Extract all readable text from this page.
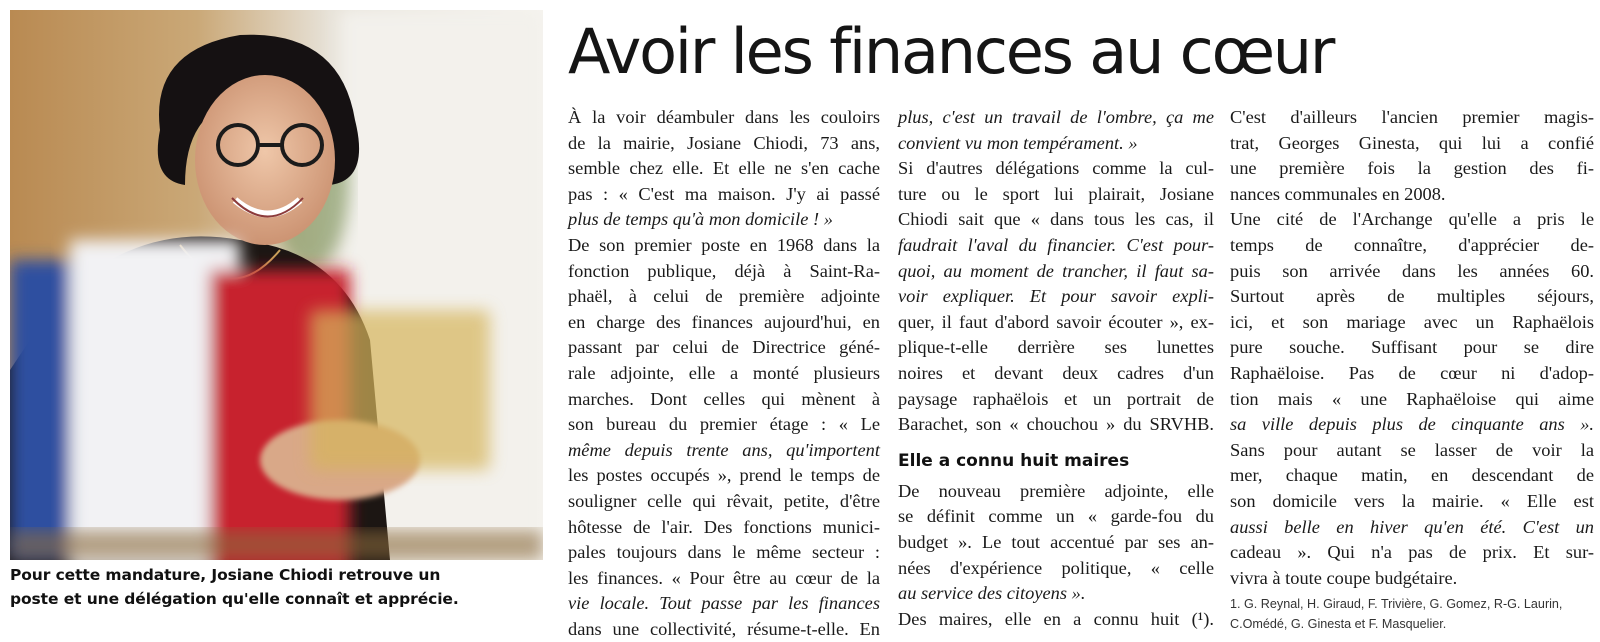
Pour cette mandature, Josiane Chiodi retrouve un
poste et une délégation qu'elle connaît et apprécie.
Avoir les finances au cœur
À la voir déambuler dans les couloirs
de la mairie, Josiane Chiodi, 73 ans,
semble chez elle. Et elle ne s'en cache
pas : « C'est ma maison. J'y ai passé
plus de temps qu'à mon domicile ! »
De son premier poste en 1968 dans la
fonction publique, déjà à Saint-Ra-
phaël, à celui de première adjointe
en charge des finances aujourd'hui, en
passant par celui de Directrice géné-
rale adjointe, elle a monté plusieurs
marches. Dont celles qui mènent à
son bureau du premier étage : « Le
même depuis trente ans, qu'importent
les postes occupés », prend le temps de
souligner celle qui rêvait, petite, d'être
hôtesse de l'air. Des fonctions munici-
pales toujours dans le même secteur :
les finances. « Pour être au cœur de la
vie locale. Tout passe par les finances
dans une collectivité, résume-t-elle. En
plus, c'est un travail de l'ombre, ça me
convient vu mon tempérament. »
Si d'autres délégations comme la cul-
ture ou le sport lui plairait, Josiane
Chiodi sait que « dans tous les cas, il
faudrait l'aval du financier. C'est pour-
quoi, au moment de trancher, il faut sa-
voir expliquer. Et pour savoir expli-
quer, il faut d'abord savoir écouter », ex-
plique-t-elle derrière ses lunettes
noires et devant deux cadres d'un
paysage raphaëlois et un portrait de
Barachet, son « chouchou » du SRVHB.
Elle a connu huit maires
De nouveau première adjointe, elle
se définit comme un « garde-fou du
budget ». Le tout accentué par ses an-
nées d'expérience politique, « celle
au service des citoyens ».
Des maires, elle en a connu huit (¹).
C'est d'ailleurs l'ancien premier magis-
trat, Georges Ginesta, qui lui a confié
une première fois la gestion des fi-
nances communales en 2008.
Une cité de l'Archange qu'elle a pris le
temps de connaître, d'apprécier de-
puis son arrivée dans les années 60.
Surtout après de multiples séjours,
ici, et son mariage avec un Raphaëlois
pure souche. Suffisant pour se dire
Raphaëloise. Pas de cœur ni d'adop-
tion mais « une Raphaëloise qui aime
sa ville depuis plus de cinquante ans ».
Sans pour autant se lasser de voir la
mer, chaque matin, en descendant de
son domicile vers la mairie. « Elle est
aussi belle en hiver qu'en été. C'est un
cadeau ». Qui n'a pas de prix. Et sur-
vivra à toute coupe budgétaire.
1. G. Reynal, H. Giraud, F. Trivière, G. Gomez, R-G. Laurin,
C.Omédé, G. Ginesta et F. Masquelier.
